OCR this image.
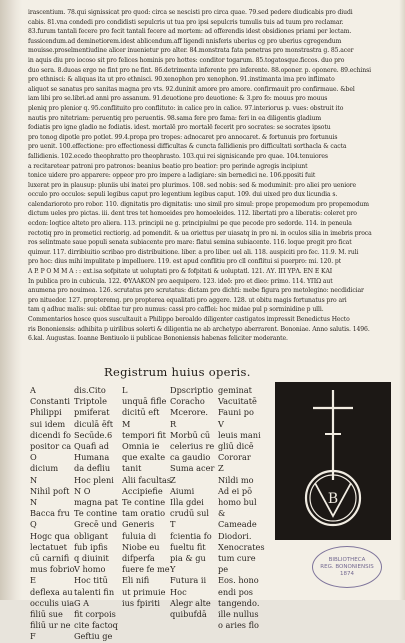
irascentium. 78.qui signissicat pro quod: circa se nescisti pro circa quae. 79.sed pedere diudicabis pro diudi
cabis. 81.vna condedi pro condidisti sepulcris ut tua pro ipsi sepulcris tumulis tuis ad tuum pro reclamar.
83.furum tantali fecere pro fecit tantali fecere ad mortem: ad offerendis idest obsidiones priami per lectam.
fussicendum.ad deminetiorem.idest ablicendum.aff ligendi nnisferis uberius cg pro uberius cgregendum
mouisse.proselmentiudine alicer inuenietur pro alter. 84.monstrata fata penetras pro monstrastra g. 85.acer
in aquis diu pro iocoso sit pro felices hominis pro hottes: conditor togarum. 85.togatosque.ficcos. duo pro
duo sera. 8.duoas ergo ne fint pro ne fint. 86.detrimenta inferente pro inferente. 88.oponer. p. oponere. 89.echinsi
pro ethnisci: & aliquas ita ut pro ethnisci. 90.xenophon pro xenophon. 91.instimanta ima pro inflimato
aliquot se sanatus pro sanitas magna pro vts. 92.duninit amore pro amore. confirmauit pro confirmaue. &bel
iam libi pro se.libri.ad anni pro assanum. 91.deuotione pro deuotione: & 3.pro fo: mouus pro mouus
pleniq pro plenior q. 95.conflituito pro conflituto: in calice pro in calice. 97.interiorus p. vues: obstruit ito
nautis pro nitetriam: peruentiq pro peruentis. 98.sama fere pro fama: feri in ea diligentis gladium
fodiatis pro igne gladio ne fodiatis. idest. mortalē pro mortalē fecerit pro socrates: se socrates ipsotu
pro tonog dipotle pro potlet. 99.4.propa pro tropes: adnocaret pro annocaret. & fortunuis pro fortunuis
pro uenit. 100.effectione: pro effectionessi difficultas & cuncta fallidienis pro difficultati sorthacla & cacta
fallidienis. 102.ecedo theophratto pro theophrasto. 103.qui rei signisicande pro quae. 104.tenuiores
a recitaretear patroni pro patronos: beanius beatio pro beatior: pro perinde agregis incipiunt
tonice uidere pro apparere: oppeor pro pro impere a ladigiare: sin bernedici ne. 106.ppositi fuit
luxerat pro in plausup: pluniis ubi inatei pro plurimos. 108. sed nobis: sed & moduminit: pro aliei pro ueniore
occulo pro occulos: sepuli legibus caput pro legentium legibus caput. 109. dui uixed pro dux licundia s.
calendarioroto pro robor. 110. dignitatis pro dignitatis: uno simil pro simul: prope propemodum pro propemodum
dictum ueles pro pictas. iii. dent tres tet homoeides pro homoeleides. 112. libertati pro a liberatis: coleret pro
ecdon: loqtice alteto pro aliera. 113. principii ne g. principiulmi pe que pecode pro sedorde. 114. in peneula
rectotiq pro in prometici rectiorig. ad pomendit. & ua oriettus per uiasatq in pro ni. in oculos silia in imebris proca
ros selintmate saue populi senata subiacente pro mare: flatui semina subiacente. 116. loque pregit pro ficat
quimur. 117. dirribiuitio scribao pro distribuitione. liber. a pro liber. uel ali. 118. auspiciti pro fec. 11.9. M. ruli
pro hoc: dius mihi impulitate p impelluere. 119. est apud conflitiu pro cll conflitui si puerpro: mi. 120. pt
A P. P O M M A : : ext.isa sofpitate ut uoluptati pro & fofpitati & uoluptatl. 121. ΛΥ. ΙΠ ΥΡΛ. ΕΝ Ε ΚΑΙ
In publica pro in cubicula. 122. ΦΥΛΑΚΟΝ pro aequipero. 123. ideō: pro et dieo: primo. 114. ΥΠΩ aut
anumena pro nouimea. 126. scrutatus pro scrutatus: dictam pro dichti: mebe figura pro metolegino: necdidiciar
pro nituedor. 127. propteremq. pro propterea equalitati pro aggere. 128. ut obitu magis fortunatus pro ari
tam q adhuc malis: sui: obfitae tur pro numus: cassi pro cafflei: hoc midae pul p sorminidine p ulli.
Commentarios hosce quos suscultauit a Philippo beroaldo diligenter castigatos impressit Benedictus Hecto
ris Bononiensis: adhibita p uirilibus solerti & diligentia ne ab archetypo aberrarent. Bononiae. Anno salutis. 1496.
6.kal. Augustas. Ioanne Bentiuolo ii publicae Bononiensis habenas feliciter moderante.
Registrum huius operis.
A
Constanti
Philippi
sui idem
dicendi fo
positor ca
O
dicium
N
Nihil poft
N
Bacca fru
Q
Hogc qua
lectatuet
cū carnifi
mus fobrio
E
deflexa au
occulis uia
filiū sue
filiū ur ne
F
dis.Cito
Triptole
pmiferat
diculā ēft
Secūde.6
Quafi ad
Humana
da defliu
Hoc pleni
N O
magna pat
Te contine
Grecē und
obligant
fub ipfis
q diuinit
V homo
Hoc titū
talenti fin
G A
fit corpois
cite factoq
Geftiu ge
L
unquā fifle
dicitū eft
M
tempori fit
Omnia ie
que exalte
tanit
Alii facultas
Accipiefie
Te contine
tam oratio
Generis
fuluia di
Niobe eu
difperfa
fuere fe me
Eli nifi
ut primuie
ius fpiriti
Dpscriptio
Coracho
Mcerore.
R
Morbū cū
celerius re
ca gaudio
Suma acer
Z
Aiumi
Illa gdei
crudū sul
T
fcientia fo
fueltu fit
pia & gu
Y
Futura ii
Hoc
Alegr alte
quibufdā
geminat
Vacuitatē
Fauni po
V
leuis mani
gliū dicē
Cororar
Z
Nildi mo
Ad ei pō
homo bul
&
Cameade
Diodori.
Xenocrates
tum cure
pe
Eos. hono
endi pos
tangendo.
ille nullus
o aries flo
B
BIBLIOTHECA
REG. BONONIENSIS
1874
